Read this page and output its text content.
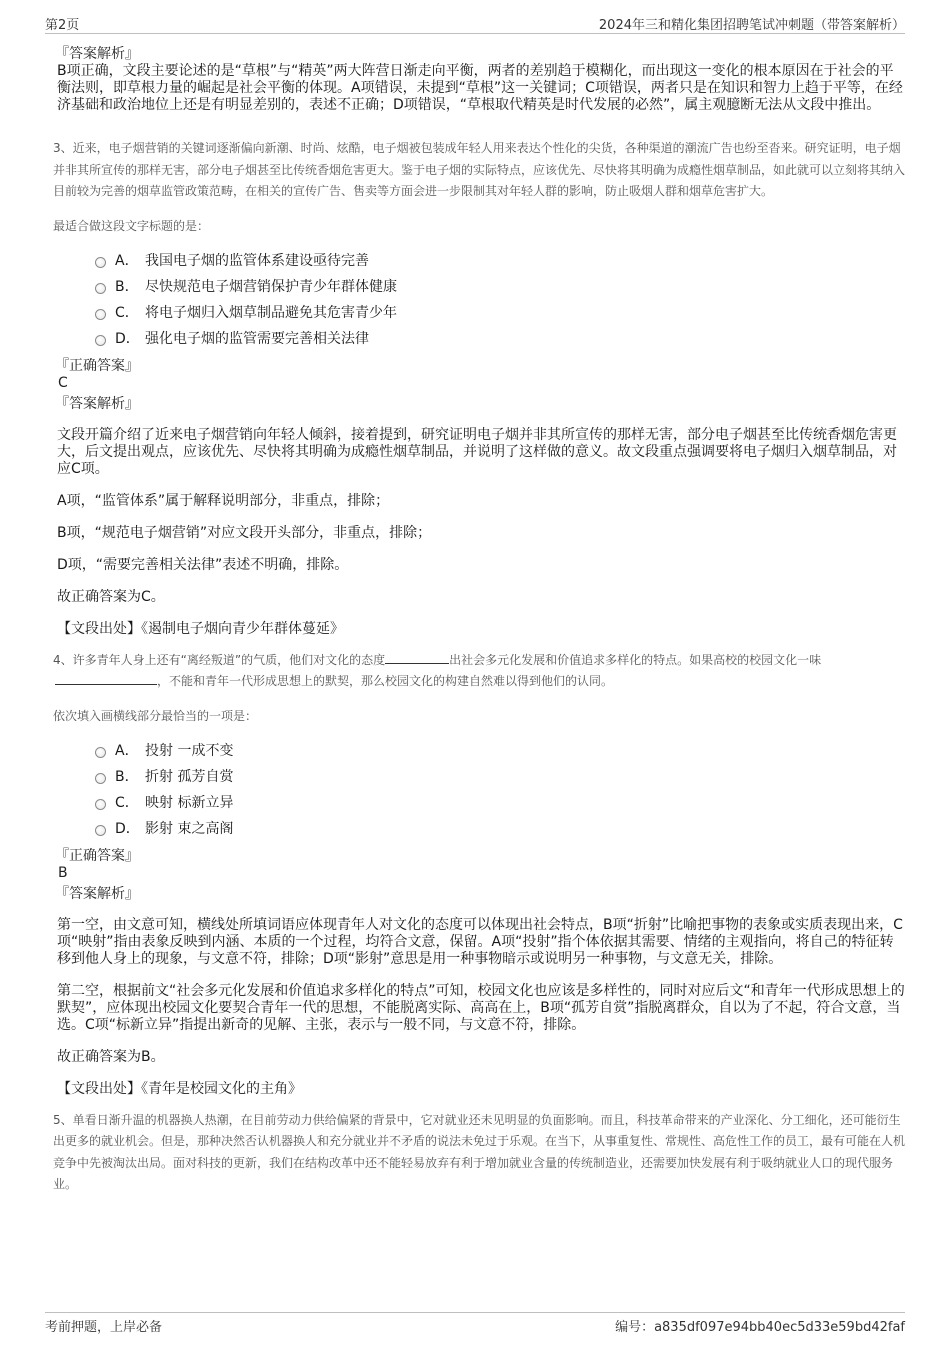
第2页	2024年三和精化集团招聘笔试冲刺题（带答案解析）
『答案解析』
B项正确，文段主要论述的是“草根”与“精英”两大阵营日渐走向平衡，两者的差别趋于模糊化，而出现这一变化的根本原因在于社会的平衡法则，即草根力量的崛起是社会平衡的体现。A项错误，未提到“草根”这一关键词；C项错误，两者只是在知识和智力上趋于平等，在经济基础和政治地位上还是有明显差别的，表述不正确；D项错误，“草根取代精英是时代发展的必然”，属主观臆断无法从文段中推出。
3、近来，电子烟营销的关键词逐渐偏向新潮、时尚、炫酷，电子烟被包装成年轻人用来表达个性化的尖货，各种渠道的潮流广告也纷至沓来。研究证明，电子烟并非其所宣传的那样无害，部分电子烟甚至比传统香烟危害更大。鉴于电子烟的实际特点，应该优先、尽快将其明确为成瘾性烟草制品，如此就可以立刻将其纳入目前较为完善的烟草监管政策范畴，在相关的宣传广告、售卖等方面会进一步限制其对年轻人群的影响，防止吸烟人群和烟草危害扩大。
最适合做这段文字标题的是：
A． 我国电子烟的监管体系建设亟待完善
B． 尽快规范电子烟营销保护青少年群体健康
C． 将电子烟归入烟草制品避免其危害青少年
D． 强化电子烟的监管需要完善相关法律
『正确答案』
C
『答案解析』

文段开篇介绍了近来电子烟营销向年轻人倾斜，接着提到，研究证明电子烟并非其所宣传的那样无害，部分电子烟甚至比传统香烟危害更大，后文提出观点，应该优先、尽快将其明确为成瘾性烟草制品，并说明了这样做的意义。故文段重点强调要将电子烟归入烟草制品，对应C项。

A项，“监管体系”属于解释说明部分，非重点，排除；

B项，“规范电子烟营销”对应文段开头部分，非重点，排除；

D项，“需要完善相关法律”表述不明确，排除。

故正确答案为C。

【文段出处】《遏制电子烟向青少年群体蔓延》

4、许多青年人身上还有“离经叛道”的气质，他们对文化的态度	出社会多元化发展和价值追求多样化的特点。如果高校的校园文化一味，不能和青年一代形成思想上的默契，那么校园文化的构建自然难以得到他们的认同。
依次填入画横线部分最恰当的一项是：
A． 投射 一成不变
B． 折射 孤芳自赏
C． 映射 标新立异
D． 影射 束之高阁
『正确答案』
B
『答案解析』

第一空，由文意可知，横线处所填词语应体现青年人对文化的态度可以体现出社会特点，B项“折射”比喻把事物的表象或实质表现出来，C项“映射”指由表象反映到内涵、本质的一个过程，均符合文意，保留。A项“投射”指个体依据其需要、情绪的主观指向，将自己的特征转移到他人身上的现象，与文意不符，排除；D项“影射”意思是用一种事物暗示或说明另一种事物，与文意无关，排除。

第二空，根据前文“社会多元化发展和价值追求多样化的特点”可知，校园文化也应该是多样性的，同时对应后文“和青年一代形成思想上的默契”，应体现出校园文化要契合青年一代的思想，不能脱离实际、高高在上，B项“孤芳自赏”指脱离群众，自以为了不起，符合文意，当选。C项“标新立异”指提出新奇的见解、主张，表示与一般不同，与文意不符，排除。

故正确答案为B。

【文段出处】《青年是校园文化的主角》

5、单看日渐升温的机器换人热潮，在目前劳动力供给偏紧的背景中，它对就业还未见明显的负面影响。而且，科技革命带来的产业深化、分工细化，还可能衍生出更多的就业机会。但是，那种决然否认机器换人和充分就业并不矛盾的说法未免过于乐观。在当下，从事重复性、常规性、高危性工作的员工，最有可能在人机竞争中先被淘汰出局。面对科技的更新，我们在结构改革中还不能轻易放弃有利于增加就业含量的传统制造业，还需要加快发展有利于吸纳就业人口的现代服务业。
考前押题，上岸必备	编号：a835df097e94bb40ec5d33e59bd42faf
